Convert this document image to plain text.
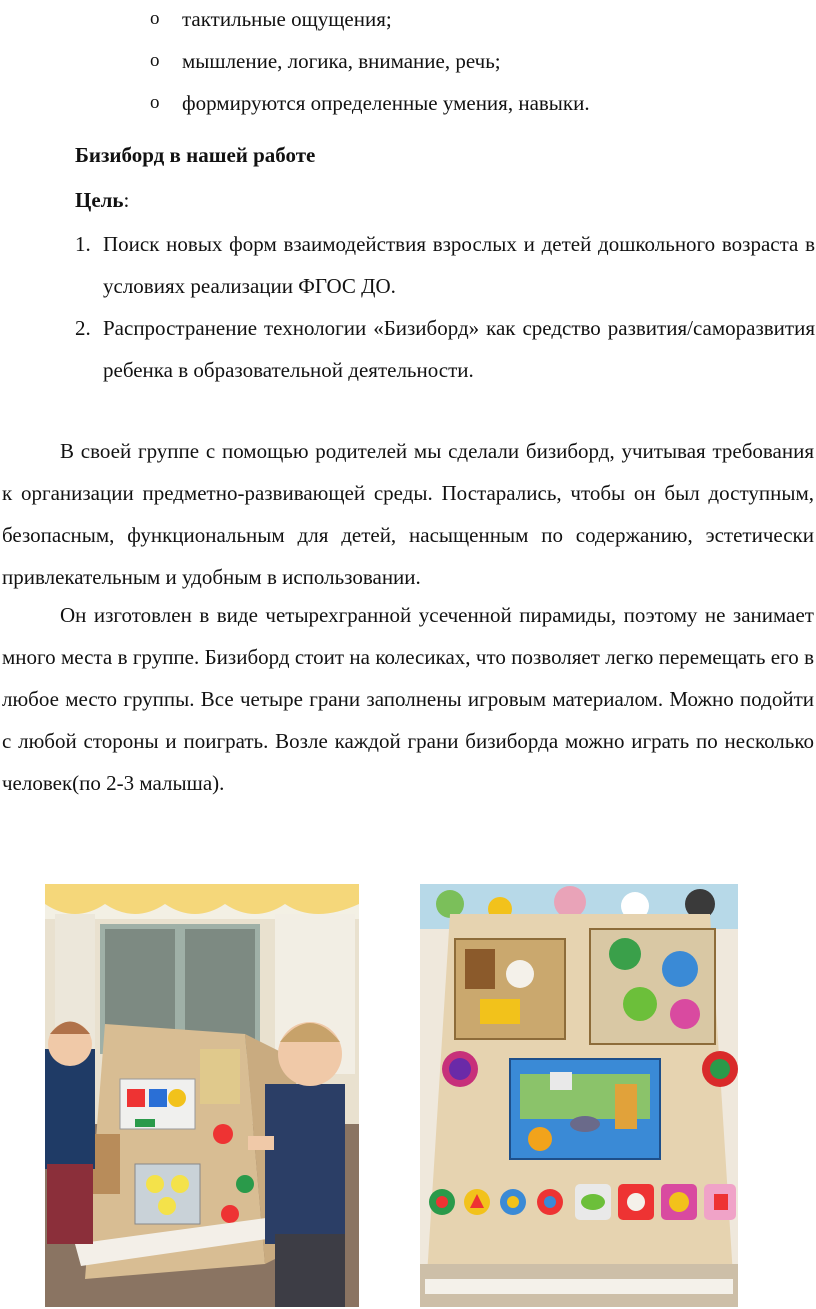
o тактильные ощущения;
o мышление, логика, внимание, речь;
o формируются определенные умения, навыки.
Бизиборд в нашей работе
Цель:
1. Поиск новых форм взаимодействия взрослых и детей дошкольного возраста в условиях реализации ФГОС ДО.
2. Распространение технологии «Бизиборд» как средство развития/саморазвития ребенка в образовательной деятельности.

В своей группе с помощью родителей мы сделали бизиборд, учитывая требования к организации предметно-развивающей среды. Постарались, чтобы он был доступным, безопасным, функциональным для детей, насыщенным по содержанию, эстетически привлекательным и удобным в использовании.

Он изготовлен в виде четырехгранной усеченной пирамиды, поэтому не занимает много места в группе. Бизиборд стоит на колесиках, что позволяет легко перемещать его в любое место группы. Все четыре грани заполнены игровым материалом. Можно подойти с любой стороны и поиграть. Возле каждой грани бизиборда можно играть по несколько человек(по 2-3 малыша).
